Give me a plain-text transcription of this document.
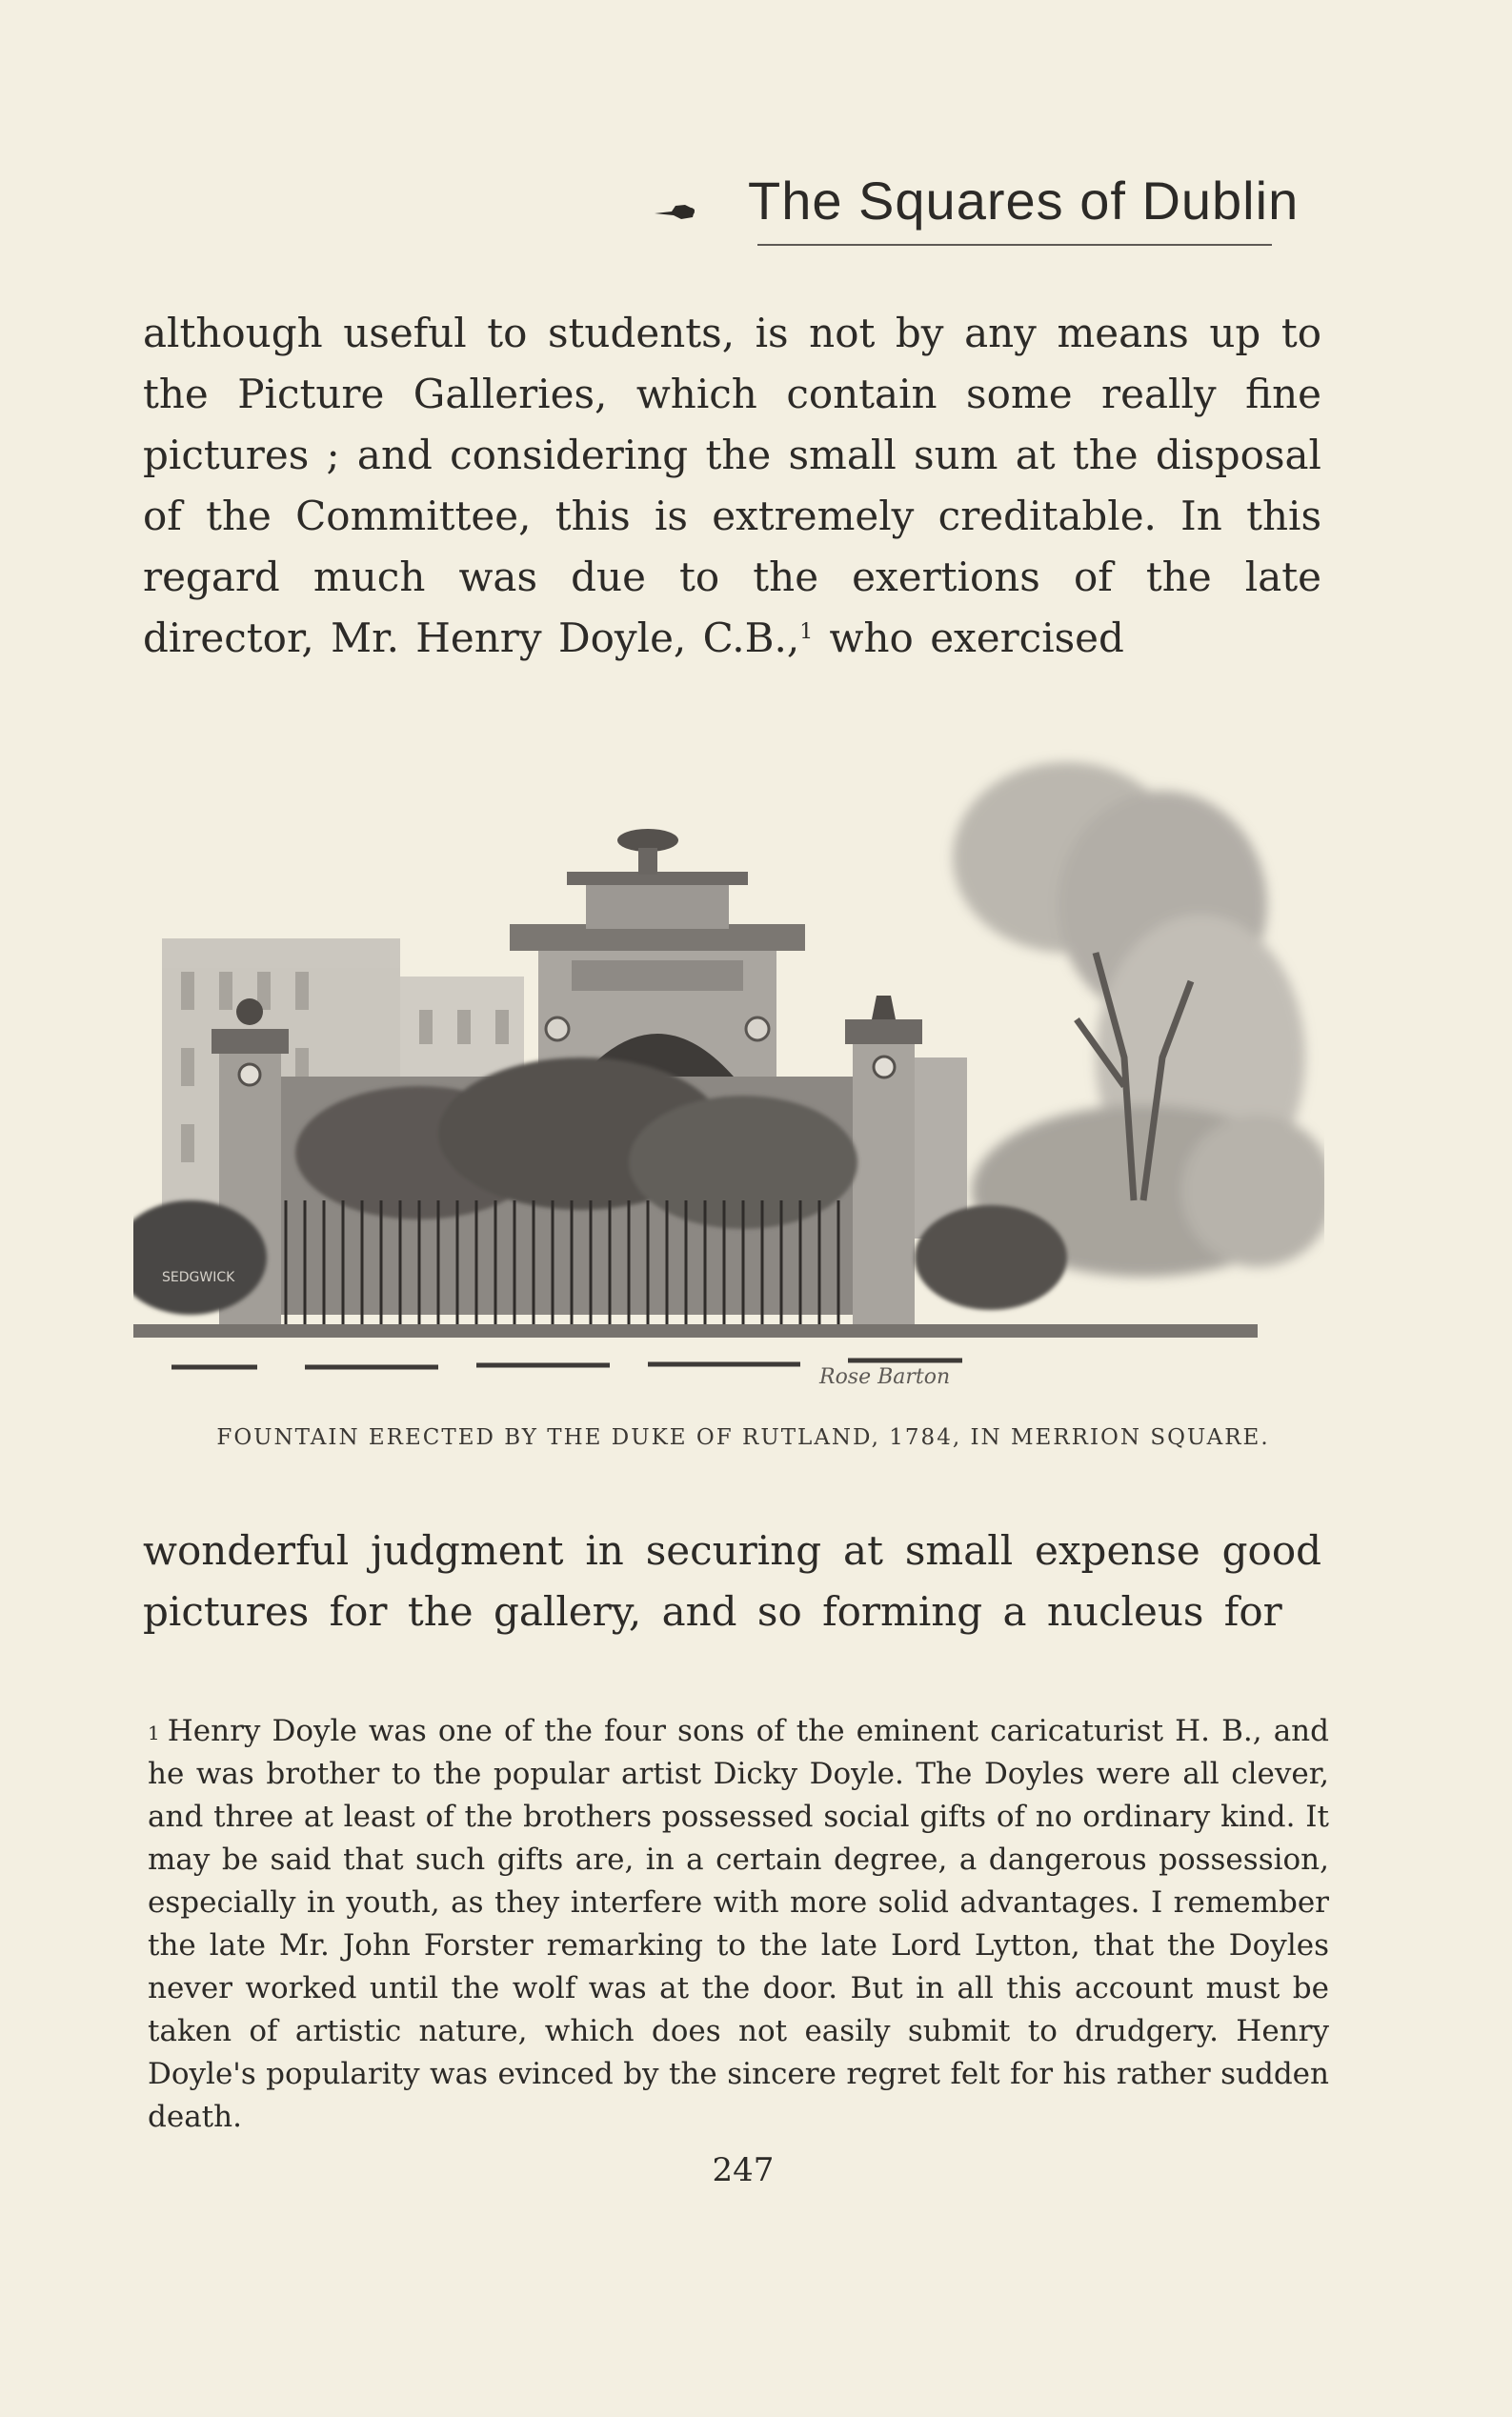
The Squares of Dublin

although useful to students, is not by any means up to the Picture Galleries, which contain some really fine pictures ; and considering the small sum at the disposal of the Committee, this is extremely creditable. In this regard much was due to the exertions of the late director, Mr. Henry Doyle, C.B.,$^1$ who exercised

SEDGWICK
Rose Barton
FOUNTAIN ERECTED BY THE DUKE OF RUTLAND, 1784, IN MERRION SQUARE.

wonderful judgment in securing at small expense good pictures for the gallery, and so forming a nucleus for

$^1$ Henry Doyle was one of the four sons of the eminent caricaturist H. B., and he was brother to the popular artist Dicky Doyle. The Doyles were all clever, and three at least of the brothers possessed social gifts of no ordinary kind. It may be said that such gifts are, in a certain degree, a dangerous possession, especially in youth, as they interfere with more solid advantages. I remember the late Mr. John Forster remarking to the late Lord Lytton, that the Doyles never worked until the wolf was at the door. But in all this account must be taken of artistic nature, which does not easily submit to drudgery. Henry Doyle's popularity was evinced by the sincere regret felt for his rather sudden death.

247
